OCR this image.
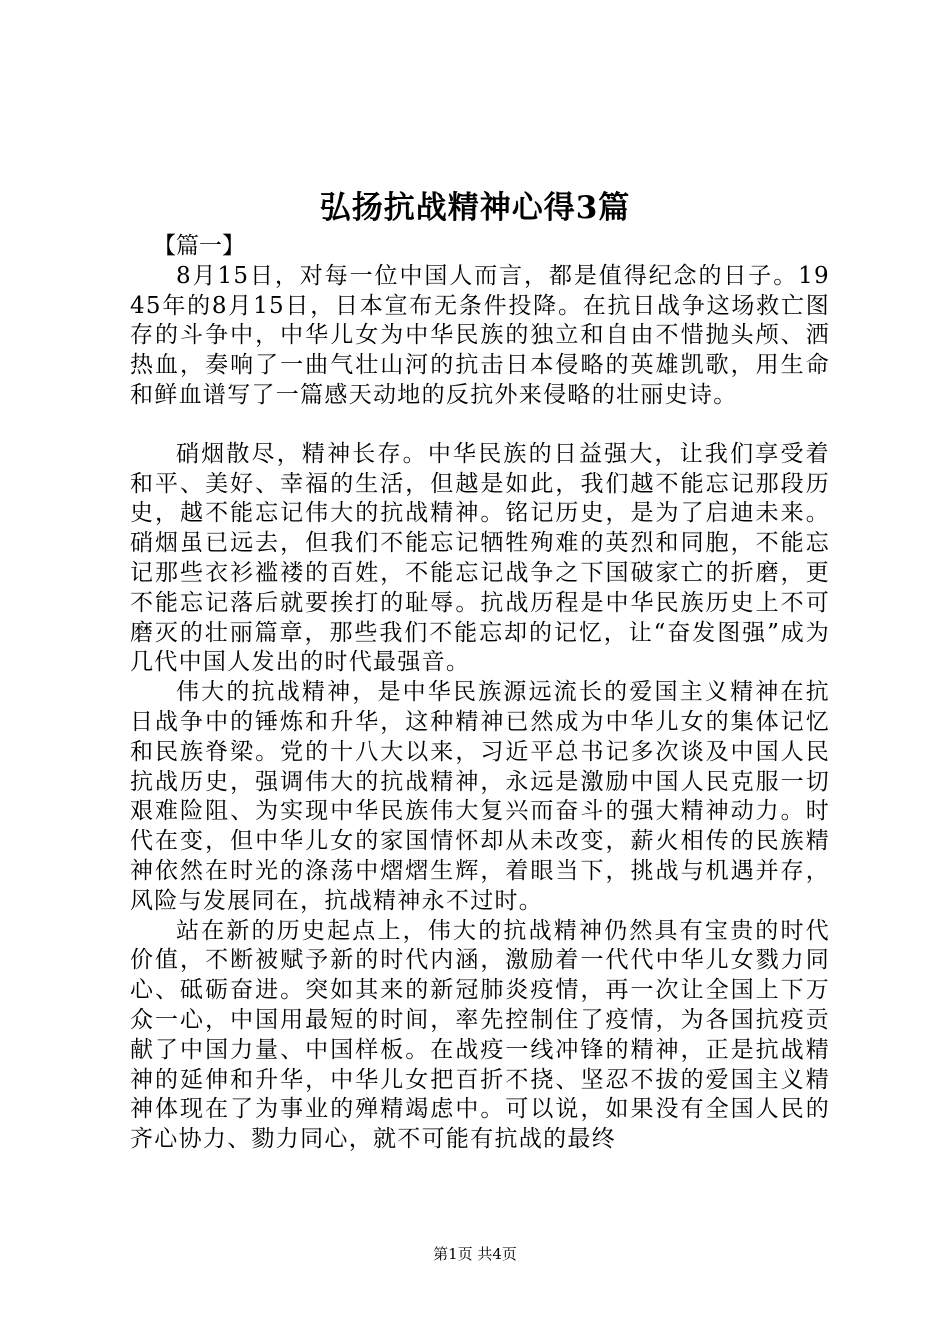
弘扬抗战精神心得3篇

【篇一】

8月15日，对每一位中国人而言，都是值得纪念的日子。1945年的8月15日，日本宣布无条件投降。在抗日战争这场救亡图存的斗争中，中华儿女为中华民族的独立和自由不惜抛头颅、洒热血，奏响了一曲气壮山河的抗击日本侵略的英雄凯歌，用生命和鲜血谱写了一篇感天动地的反抗外来侵略的壮丽史诗。

硝烟散尽，精神长存。中华民族的日益强大，让我们享受着和平、美好、幸福的生活，但越是如此，我们越不能忘记那段历史，越不能忘记伟大的抗战精神。铭记历史，是为了启迪未来。硝烟虽已远去，但我们不能忘记牺牲殉难的英烈和同胞，不能忘记那些衣衫褴褛的百姓，不能忘记战争之下国破家亡的折磨，更不能忘记落后就要挨打的耻辱。抗战历程是中华民族历史上不可磨灭的壮丽篇章，那些我们不能忘却的记忆，让“奋发图强”成为几代中国人发出的时代最强音。

伟大的抗战精神，是中华民族源远流长的爱国主义精神在抗日战争中的锤炼和升华，这种精神已然成为中华儿女的集体记忆和民族脊梁。党的十八大以来，习近平总书记多次谈及中国人民抗战历史，强调伟大的抗战精神，永远是激励中国人民克服一切艰难险阻、为实现中华民族伟大复兴而奋斗的强大精神动力。时代在变，但中华儿女的家国情怀却从未改变，薪火相传的民族精神依然在时光的涤荡中熠熠生辉，着眼当下，挑战与机遇并存，风险与发展同在，抗战精神永不过时。

站在新的历史起点上，伟大的抗战精神仍然具有宝贵的时代价值，不断被赋予新的时代内涵，激励着一代代中华儿女戮力同心、砥砺奋进。突如其来的新冠肺炎疫情，再一次让全国上下万众一心，中国用最短的时间，率先控制住了疫情，为各国抗疫贡献了中国力量、中国样板。在战疫一线冲锋的精神，正是抗战精神的延伸和升华，中华儿女把百折不挠、坚忍不拔的爱国主义精神体现在了为事业的殚精竭虑中。可以说，如果没有全国人民的齐心协力、勠力同心，就不可能有抗战的最终

第1页 共4页
